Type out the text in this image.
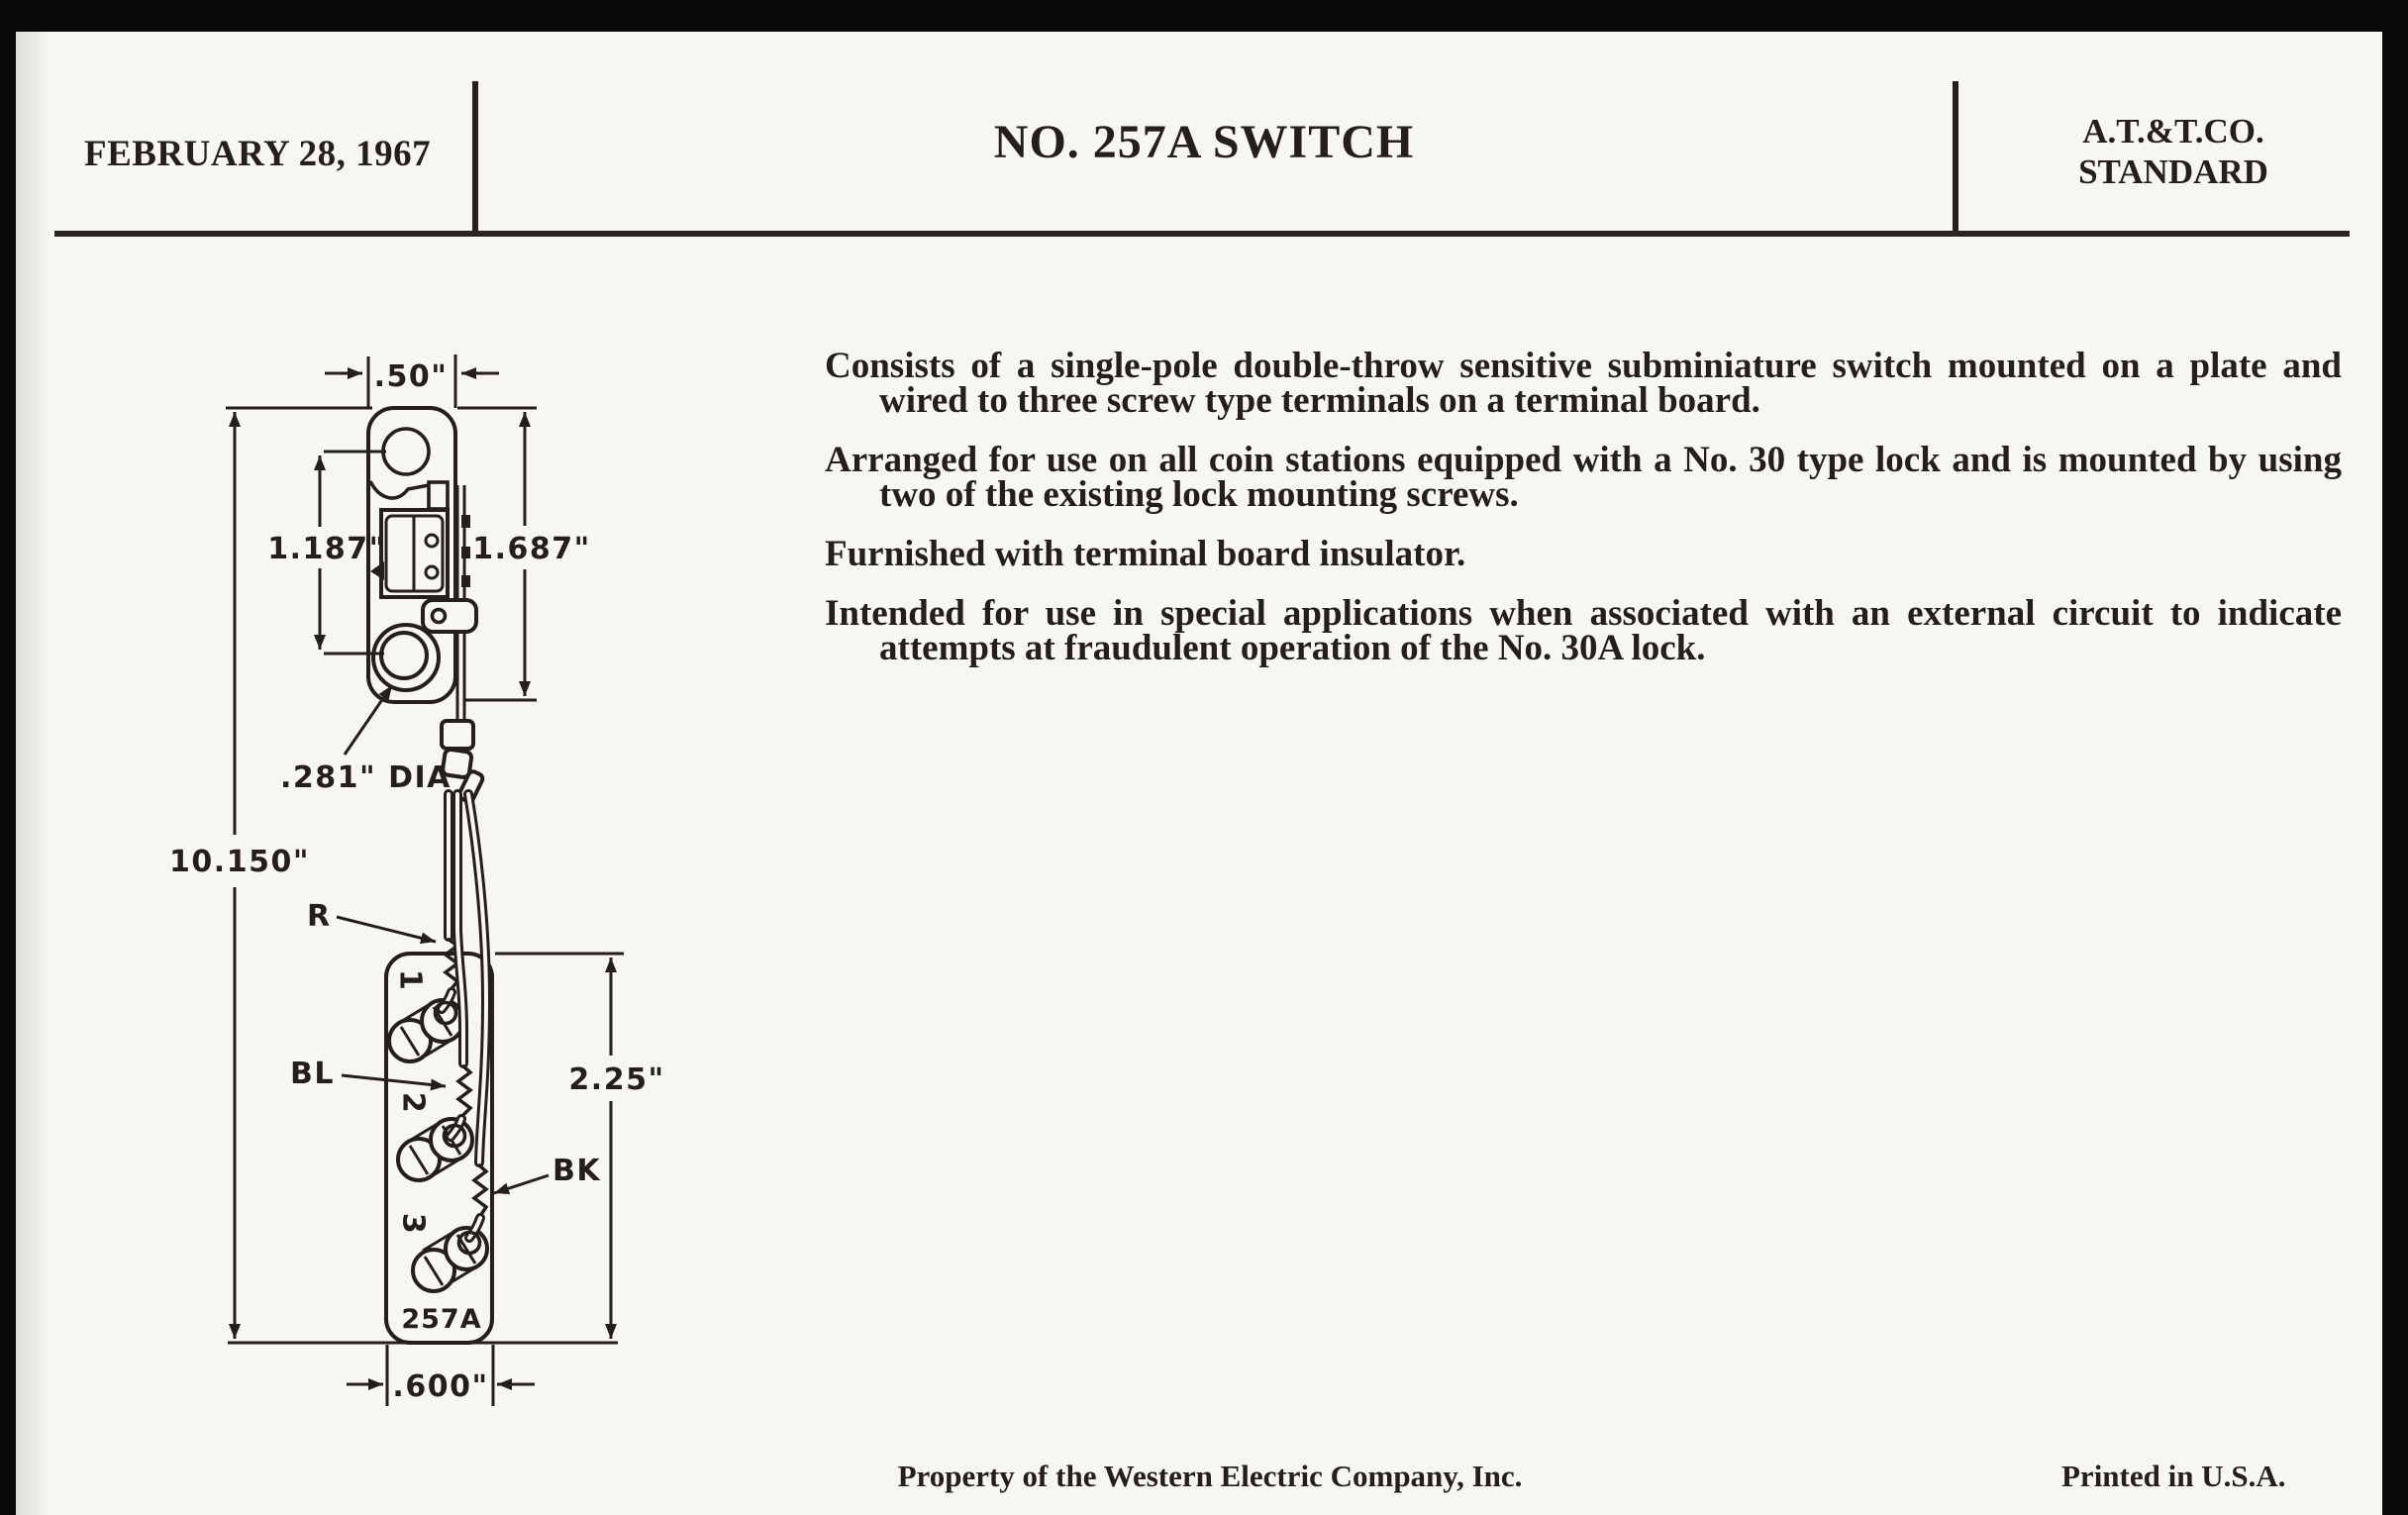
FEBRUARY 28, 1967	NO. 257A SWITCH	A.T.&T.CO.
STANDARD

Consists of a single-pole double-throw sensitive subminiature switch mounted on a plate and wired to three screw type terminals on a terminal board.

Arranged for use on all coin stations equipped with a No. 30 type lock and is mounted by using two of the existing lock mounting screws.

Furnished with terminal board insulator.

Intended for use in special applications when associated with an external circuit to indicate attempts at fraudulent operation of the No. 30A lock.

1
2
3
257A
.50"
10.150"
1.187"	1.687"
2.25"
.600"
.281" DIA
R
BL
BK
Property of the Western Electric Company, Inc.	Printed in U.S.A.
